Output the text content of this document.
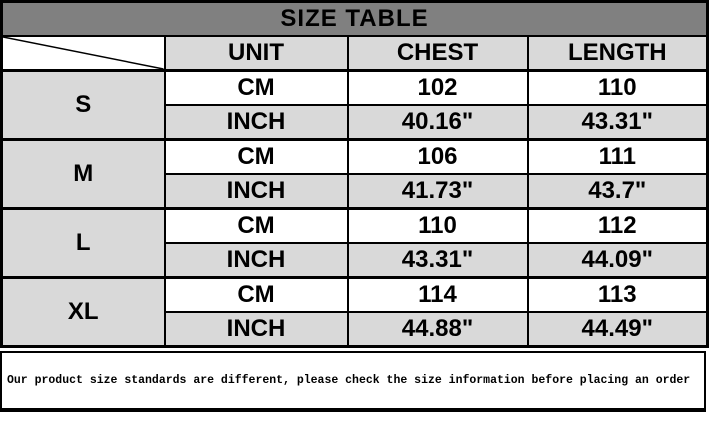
SIZE TABLE			

	UNIT	CHEST	LENGTH
S	CM	102	110
	INCH	40.16"	43.31"
M	CM	106	111
	INCH	41.73"	43.7"
L	CM	110	112
	INCH	43.31"	44.09"
XL	CM	114	113
	INCH	44.88"	44.49"
Our product size standards are different, please check the size information before placing an order
